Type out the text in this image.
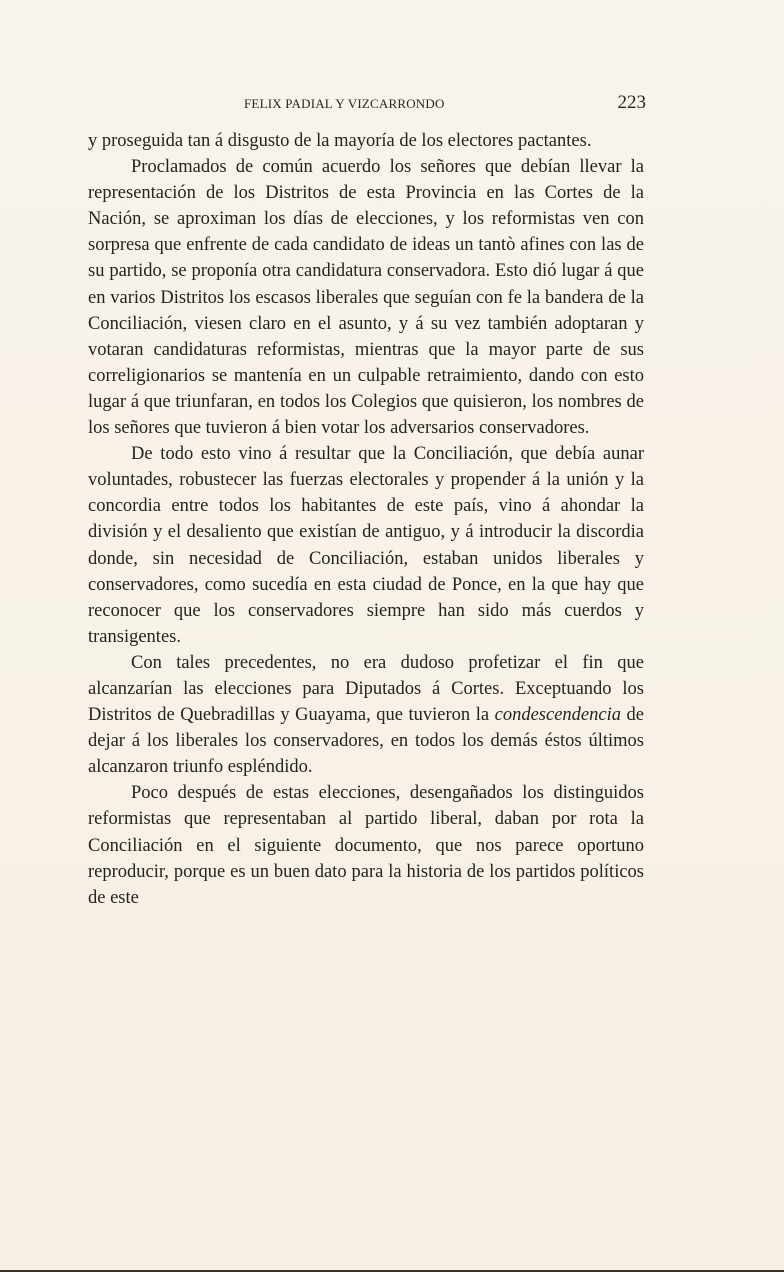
FELIX PADIAL Y VIZCARRONDO	223

y proseguida tan á disgusto de la mayoría de los electores pactantes.

Proclamados de común acuerdo los señores que debían llevar la representación de los Distritos de esta Provincia en las Cortes de la Nación, se aproximan los días de elecciones, y los reformistas ven con sorpresa que enfrente de cada candidato de ideas un tantò afines con las de su partido, se proponía otra candidatura conservadora. Esto dió lugar á que en varios Distritos los escasos liberales que seguían con fe la bandera de la Conciliación, viesen claro en el asunto, y á su vez también adoptaran y votaran candidaturas reformistas, mientras que la mayor parte de sus correligionarios se mantenía en un culpable retraimiento, dando con esto lugar á que triunfaran, en todos los Colegios que quisieron, los nombres de los señores que tuvieron á bien votar los adversarios conservadores.

De todo esto vino á resultar que la Conciliación, que debía aunar voluntades, robustecer las fuerzas electorales y propender á la unión y la concordia entre todos los habitantes de este país, vino á ahondar la división y el desaliento que existían de antiguo, y á introducir la discordia donde, sin necesidad de Conciliación, estaban unidos liberales y conservadores, como sucedía en esta ciudad de Ponce, en la que hay que reconocer que los conservadores siempre han sido más cuerdos y transigentes.

Con tales precedentes, no era dudoso profetizar el fin que alcanzarían las elecciones para Diputados á Cortes. Exceptuando los Distritos de Quebradillas y Guayama, que tuvieron la condescendencia de dejar á los liberales los conservadores, en todos los demás éstos últimos alcanzaron triunfo espléndido.

Poco después de estas elecciones, desengañados los distinguidos reformistas que representaban al partido liberal, daban por rota la Conciliación en el siguiente documento, que nos parece oportuno reproducir, porque es un buen dato para la historia de los partidos políticos de este
